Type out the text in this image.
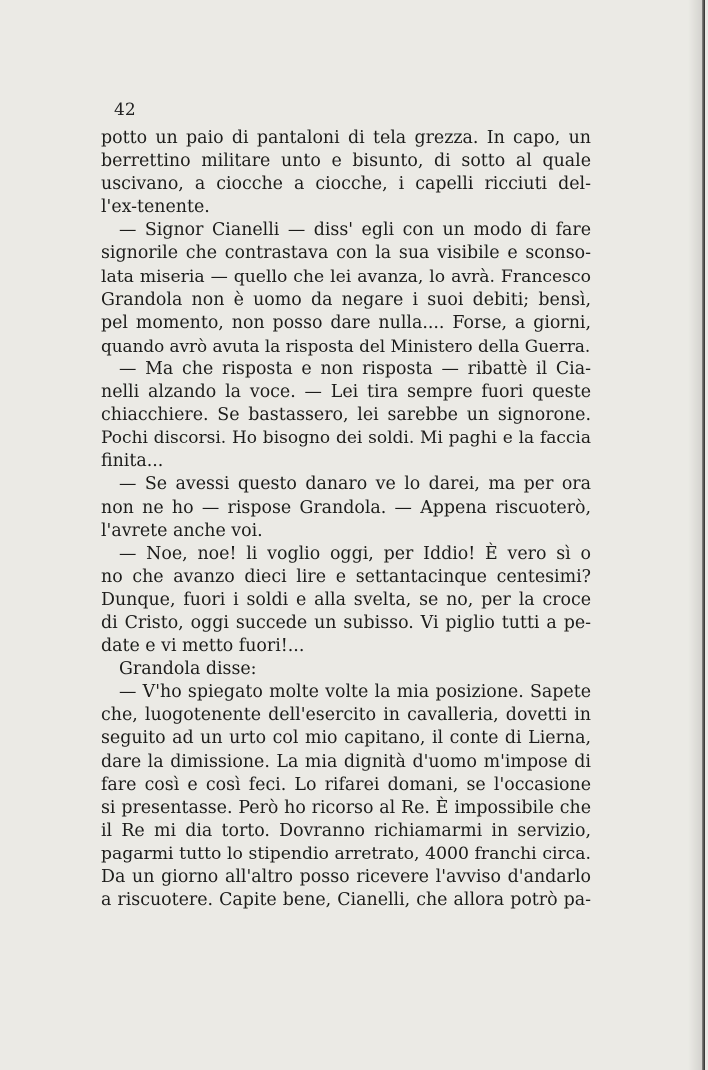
42
potto un paio di pantaloni di tela grezza. In capo, un
berrettino militare unto e bisunto, di sotto al quale
uscivano, a ciocche a ciocche, i capelli ricciuti del-
l'ex-tenente.
— Signor Cianelli — diss' egli con un modo di fare
signorile che contrastava con la sua visibile e sconso-
lata miseria — quello che lei avanza, lo avrà. Francesco
Grandola non è uomo da negare i suoi debiti; bensì,
pel momento, non posso dare nulla.... Forse, a giorni,
quando avrò avuta la risposta del Ministero della Guerra.
— Ma che risposta e non risposta — ribattè il Cia-
nelli alzando la voce. — Lei tira sempre fuori queste
chiacchiere. Se bastassero, lei sarebbe un signorone.
Pochi discorsi. Ho bisogno dei soldi. Mi paghi e la faccia
finita...
— Se avessi questo danaro ve lo darei, ma per ora
non ne ho — rispose Grandola. — Appena riscuoterò,
l'avrete anche voi.
— Noe, noe! li voglio oggi, per Iddio! È vero sì o
no che avanzo dieci lire e settantacinque centesimi?
Dunque, fuori i soldi e alla svelta, se no, per la croce
di Cristo, oggi succede un subisso. Vi piglio tutti a pe-
date e vi metto fuori!...
Grandola disse:
— V'ho spiegato molte volte la mia posizione. Sapete
che, luogotenente dell'esercito in cavalleria, dovetti in
seguito ad un urto col mio capitano, il conte di Lierna,
dare la dimissione. La mia dignità d'uomo m'impose di
fare così e così feci. Lo rifarei domani, se l'occasione
si presentasse. Però ho ricorso al Re. È impossibile che
il Re mi dia torto. Dovranno richiamarmi in servizio,
pagarmi tutto lo stipendio arretrato, 4000 franchi circa.
Da un giorno all'altro posso ricevere l'avviso d'andarlo
a riscuotere. Capite bene, Cianelli, che allora potrò pa-
